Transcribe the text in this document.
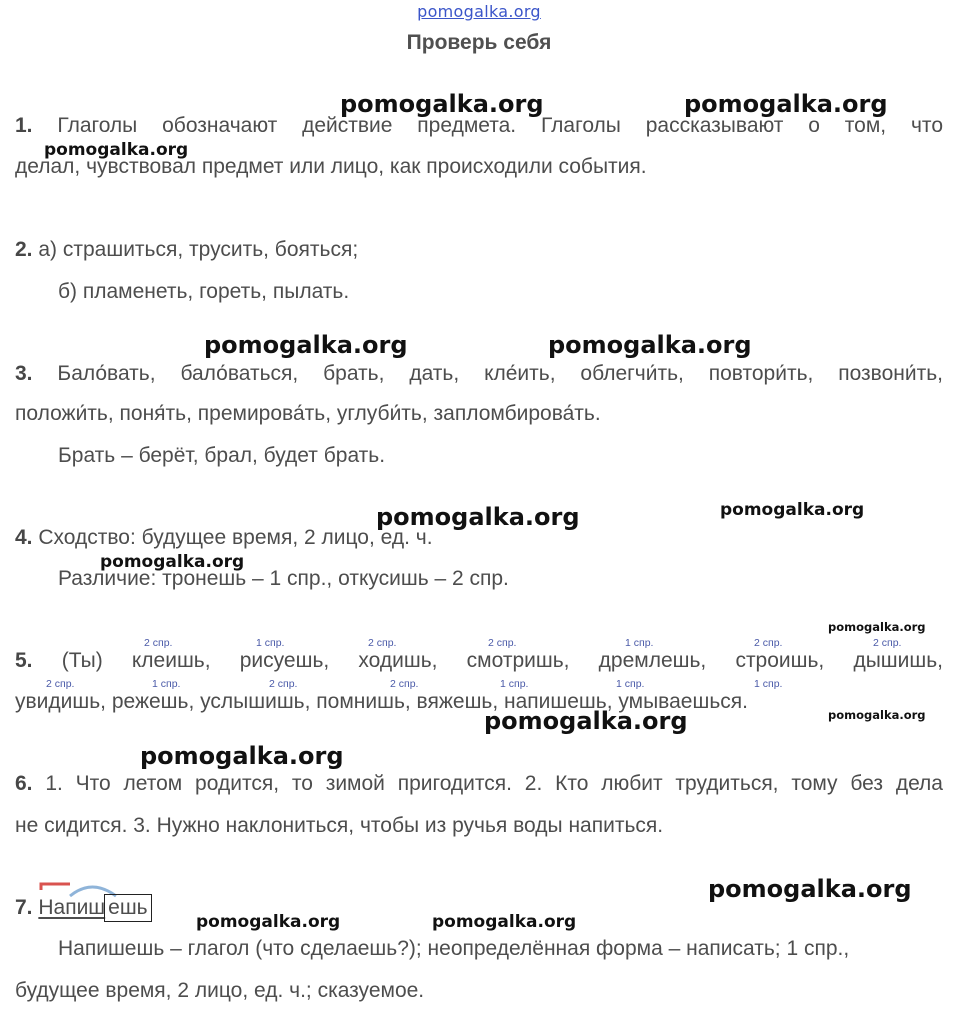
pomogalka.org
Проверь себя
1. Глаголы обозначают действие предмета. Глаголы рассказывают о том, что
делал, чувствовал предмет или лицо, как происходили события.
2. а) страшиться, трусить, бояться;
б) пламенеть, гореть, пылать.
3. Бало́вать, бало́ваться, брать, дать, кле́ить, облегчи́ть, повтори́ть, позвони́ть,
положи́ть, поня́ть, премирова́ть, углуби́ть, запломбирова́ть.
Брать – берёт, брал, будет брать.
4. Сходство: будущее время, 2 лицо, ед. ч.
Различие: тронешь – 1 спр., откусишь – 2 спр.
2 спр.	1 спр.	2 спр.	2 спр.	1 спр.	2 спр.	2 спр.
5. (Ты) клеишь, рисуешь, ходишь, смотришь, дремлешь, строишь, дышишь,
2 спр.	1 спр.	2 спр.	2 спр.	1 спр.	1 спр.	1 спр.
увидишь, режешь, услышишь, помнишь, вяжешь, напишешь, умываешься.
6. 1. Что летом родится, то зимой пригодится. 2. Кто любит трудиться, тому без дела
не сидится. 3. Нужно наклониться, чтобы из ручья воды напиться.
7. Напиш ешь
Напишешь – глагол (что сделаешь?); неопределённая форма – написать; 1 спр.,
будущее время, 2 лицо, ед. ч.; сказуемое.
pomogalka.org	pomogalka.org
pomogalka.org
pomogalka.org	pomogalka.org
pomogalka.org	pomogalka.org
pomogalka.org
pomogalka.org
pomogalka.org
pomogalka.org
pomogalka.org
pomogalka.org
pomogalka.org	pomogalka.org
